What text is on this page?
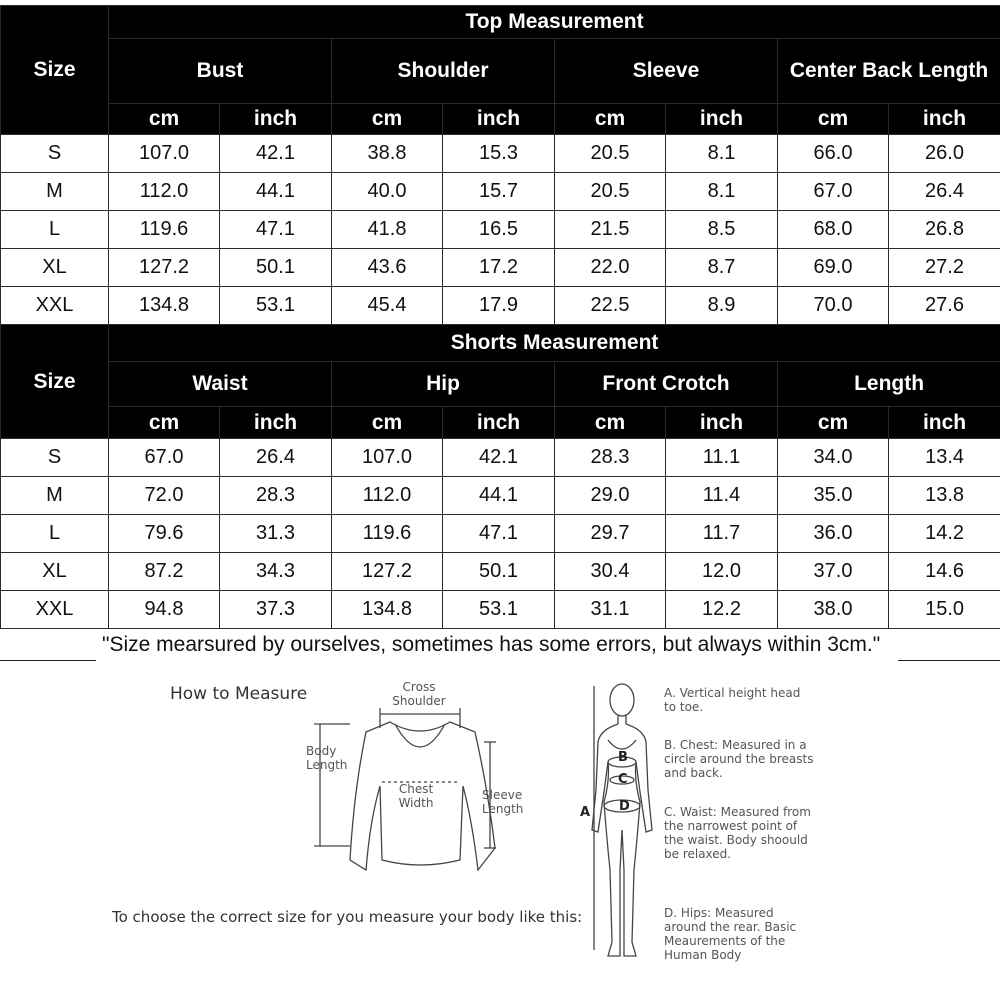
Size	Top Measurement							
	Bust		Shoulder		Sleeve		Center Back Length	
	cm	inch	cm	inch	cm	inch	cm	inch
S	107.0	42.1	38.8	15.3	20.5	8.1	66.0	26.0
M	112.0	44.1	40.0	15.7	20.5	8.1	67.0	26.4
L	119.6	47.1	41.8	16.5	21.5	8.5	68.0	26.8
XL	127.2	50.1	43.6	17.2	22.0	8.7	69.0	27.2
XXL	134.8	53.1	45.4	17.9	22.5	8.9	70.0	27.6
Size	Shorts Measurement							
	Waist		Hip		Front Crotch		Length	
	cm	inch	cm	inch	cm	inch	cm	inch
S	67.0	26.4	107.0	42.1	28.3	11.1	34.0	13.4
M	72.0	28.3	112.0	44.1	29.0	11.4	35.0	13.8
L	79.6	31.3	119.6	47.1	29.7	11.7	36.0	14.2
XL	87.2	34.3	127.2	50.1	30.4	12.0	37.0	14.6
XXL	94.8	37.3	134.8	53.1	31.1	12.2	38.0	15.0
"Size mearsured by ourselves, sometimes has some errors, but always within 3cm."
How to Measure	Cross Shoulder
Body Length
Chest Width
Sleeve Length
To choose the correct size for you measure your body like this:
B
C
D
A
A. Vertical height head to toe.
B. Chest: Measured in a circle around the breasts and back.
C. Waist: Measured from the narrowest point of the waist. Body shoould be relaxed.
D. Hips: Measured around the rear. Basic Meaurements of the Human Body
